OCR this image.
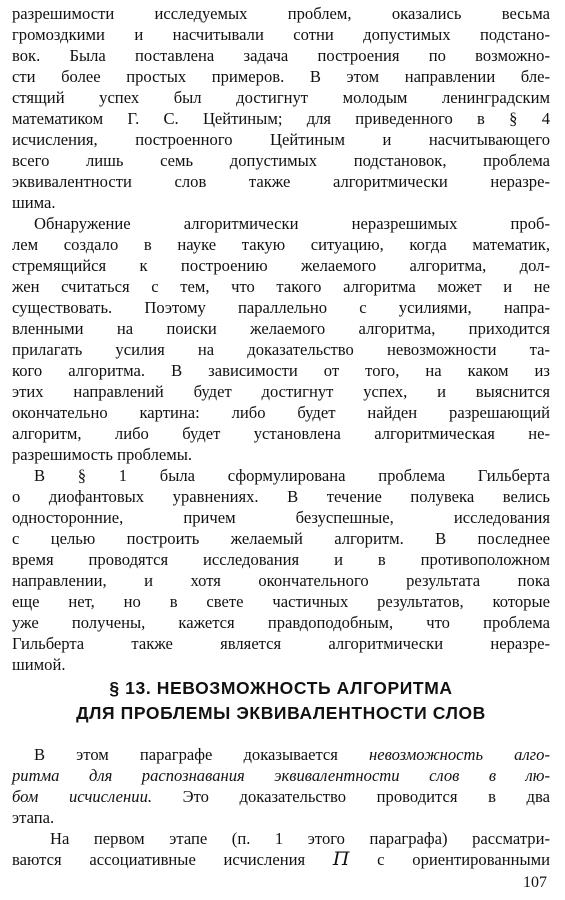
разрешимости исследуемых проблем, оказались весьма
громоздкими и насчитывали сотни допустимых подстано-
вок. Была поставлена задача построения по возможно-
сти более простых примеров. В этом направлении бле-
стящий успех был достигнут молодым ленинградским
математиком Г. С. Цейтиным; для приведенного в § 4
исчисления, построенного Цейтиным и насчитывающего
всего лишь семь допустимых подстановок, проблема
эквивалентности слов также алгоритмически неразре-
шима.
Обнаружение алгоритмически неразрешимых проб-
лем создало в науке такую ситуацию, когда математик,
стремящийся к построению желаемого алгоритма, дол-
жен считаться с тем, что такого алгоритма может и не
существовать. Поэтому параллельно с усилиями, напра-
вленными на поиски желаемого алгоритма, приходится
прилагать усилия на доказательство невозможности та-
кого алгоритма. В зависимости от того, на каком из
этих направлений будет достигнут успех, и выяснится
окончательно картина: либо будет найден разрешающий
алгоритм, либо будет установлена алгоритмическая не-
разрешимость проблемы.
В § 1 была сформулирована проблема Гильберта
о диофантовых уравнениях. В течение полувека велись
односторонние, причем безуспешные, исследования
с целью построить желаемый алгоритм. В последнее
время проводятся исследования и в противоположном
направлении, и хотя окончательного результата пока
еще нет, но в свете частичных результатов, которые
уже получены, кажется правдоподобным, что проблема
Гильберта также является алгоритмически неразре-
шимой.
§ 13. НЕВОЗМОЖНОСТЬ АЛГОРИТМА
ДЛЯ ПРОБЛЕМЫ ЭКВИВАЛЕНТНОСТИ СЛОВ
В этом параграфе доказывается невозможность алго-
ритма для распознавания эквивалентности слов в лю-
бом исчислении. Это доказательство проводится в два
этапа.
На первом этапе (п. 1 этого параграфа) рассматри-
ваются ассоциативные исчисления П с ориентированными
107
